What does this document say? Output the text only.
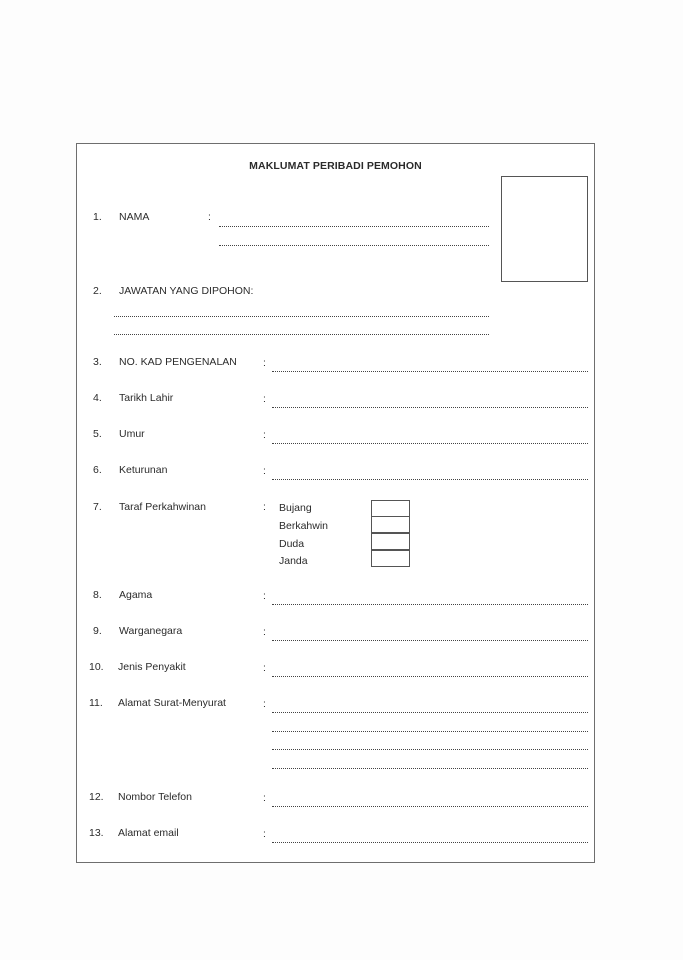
MAKLUMAT PERIBADI PEMOHON
1.	NAMA	:
2.	JAWATAN YANG DIPOHON:
3.	NO. KAD PENGENALAN :
4.	Tarikh Lahir	:
5.	Umur	:
6.	Keturunan	:
7.	Taraf Perkahwinan	: Bujang
Berkahwin
Duda
Janda
8.	Agama	:
9.	Warganegara	:
10.	Jenis Penyakit	:
11.	Alamat Surat-Menyurat	:
12.	Nombor Telefon	:
13.	Alamat email	:
